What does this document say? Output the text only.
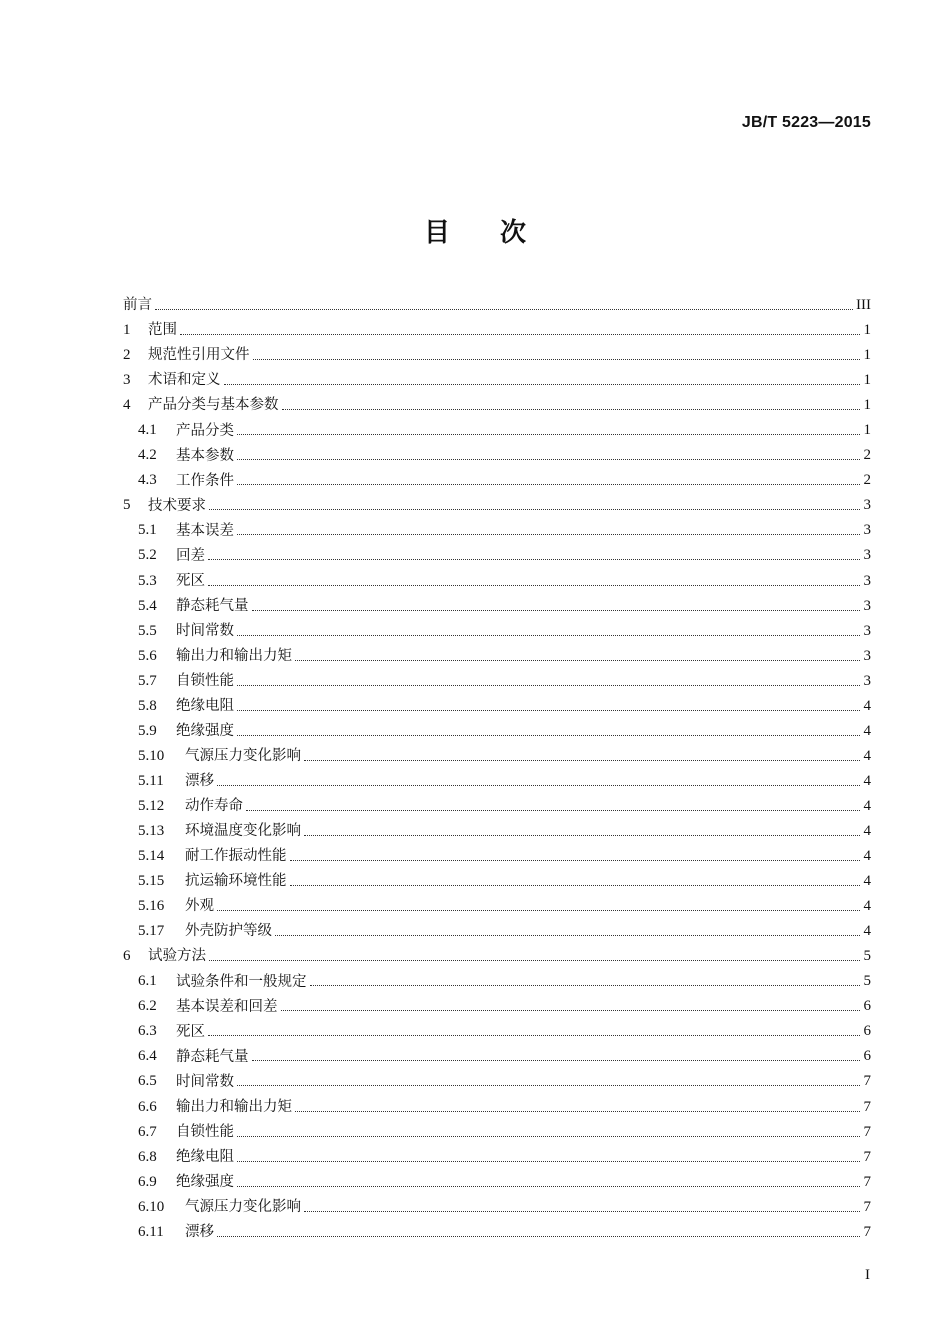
JB/T 5223—2015
目 次
前言	III
1	范围	1
2	规范性引用文件	1
3	术语和定义	1
4	产品分类与基本参数	1
4.1	产品分类	1
4.2	基本参数	2
4.3	工作条件	2
5	技术要求	3
5.1	基本误差	3
5.2	回差	3
5.3	死区	3
5.4	静态耗气量	3
5.5	时间常数	3
5.6	输出力和输出力矩	3
5.7	自锁性能	3
5.8	绝缘电阻	4
5.9	绝缘强度	4
5.10	气源压力变化影响	4
5.11	漂移	4
5.12	动作寿命	4
5.13	环境温度变化影响	4
5.14	耐工作振动性能	4
5.15	抗运输环境性能	4
5.16	外观	4
5.17	外壳防护等级	4
6	试验方法	5
6.1	试验条件和一般规定	5
6.2	基本误差和回差	6
6.3	死区	6
6.4	静态耗气量	6
6.5	时间常数	7
6.6	输出力和输出力矩	7
6.7	自锁性能	7
6.8	绝缘电阻	7
6.9	绝缘强度	7
6.10	气源压力变化影响	7
6.11	漂移	7
I
